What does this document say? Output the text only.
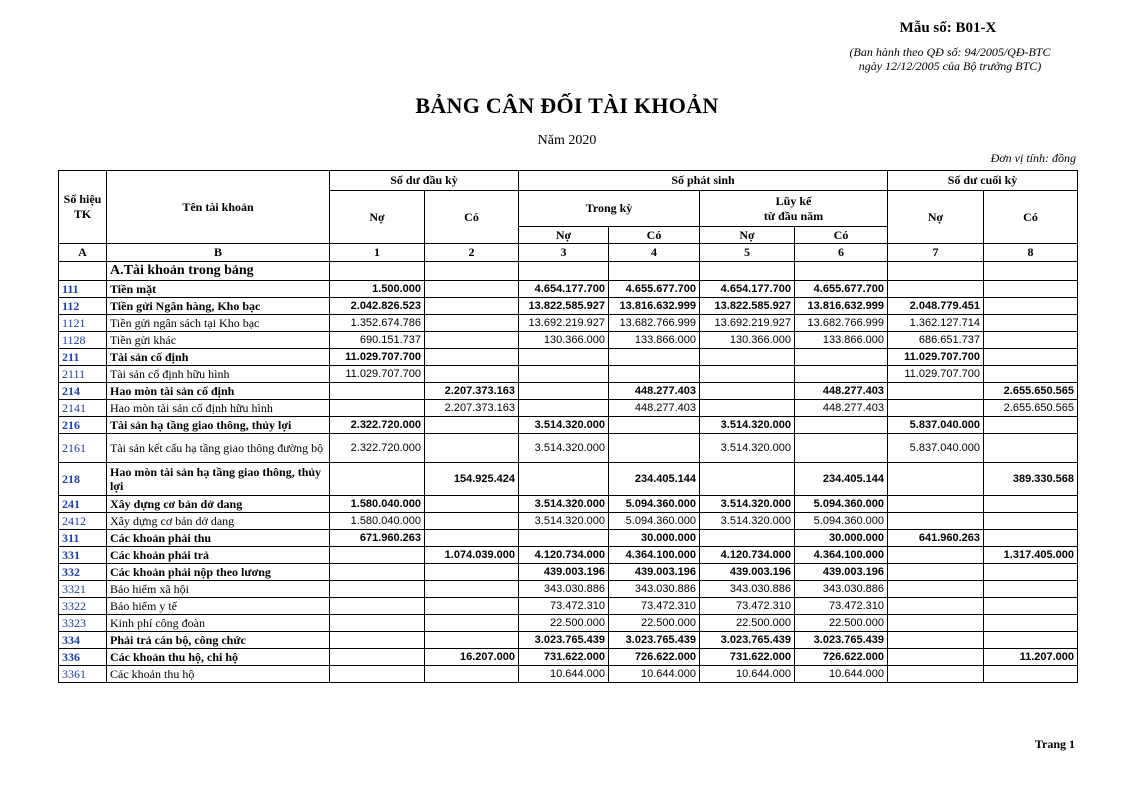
Mẫu số: B01-X
(Ban hành theo QĐ số: 94/2005/QĐ-BTC
ngày 12/12/2005 của Bộ trưởng BTC)
BẢNG CÂN ĐỐI TÀI KHOẢN
Năm 2020
Đơn vị tính: đồng
Số hiệu TK	Tên tài khoản	Số dư đầu kỳ		Số phát sinh				Số dư cuối kỳ	
		Nợ	Có	Trong kỳ		Lũy kế
từ đầu năm		Nợ	Có
				Nợ	Có	Nợ	Có		
A	B	1	2	3	4	5	6	7	8
	A.Tài khoản trong bảng								
111	Tiền mặt	1.500.000		4.654.177.700	4.655.677.700	4.654.177.700	4.655.677.700		
112	Tiền gửi Ngân hàng, Kho bạc	2.042.826.523		13.822.585.927	13.816.632.999	13.822.585.927	13.816.632.999	2.048.779.451	
1121	Tiền gửi ngân sách tại Kho bạc	1.352.674.786		13.692.219.927	13.682.766.999	13.692.219.927	13.682.766.999	1.362.127.714	
1128	Tiền gửi khác	690.151.737		130.366.000	133.866.000	130.366.000	133.866.000	686.651.737	
211	Tài sản cố định	11.029.707.700						11.029.707.700	
2111	Tài sản cố định hữu hình	11.029.707.700						11.029.707.700	
214	Hao mòn tài sản cố định		2.207.373.163		448.277.403		448.277.403		2.655.650.565
2141	Hao mòn tài sản cố định hữu hình		2.207.373.163		448.277.403		448.277.403		2.655.650.565
216	Tài sản hạ tầng giao thông, thủy lợi	2.322.720.000		3.514.320.000		3.514.320.000		5.837.040.000	
2161	Tài sản kết cấu hạ tầng giao thông đường bộ	2.322.720.000		3.514.320.000		3.514.320.000		5.837.040.000	
218	Hao mòn tài sản hạ tầng giao thông, thủy lợi		154.925.424		234.405.144		234.405.144		389.330.568
241	Xây dựng cơ bản dở dang	1.580.040.000		3.514.320.000	5.094.360.000	3.514.320.000	5.094.360.000		
2412	Xây dựng cơ bản dở dang	1.580.040.000		3.514.320.000	5.094.360.000	3.514.320.000	5.094.360.000		
311	Các khoản phải thu	671.960.263			30.000.000		30.000.000	641.960.263	
331	Các khoản phải trả		1.074.039.000	4.120.734.000	4.364.100.000	4.120.734.000	4.364.100.000		1.317.405.000
332	Các khoản phải nộp theo lương			439.003.196	439.003.196	439.003.196	439.003.196		
3321	Bảo hiểm xã hội			343.030.886	343.030.886	343.030.886	343.030.886		
3322	Bảo hiểm y tế			73.472.310	73.472.310	73.472.310	73.472.310		
3323	Kinh phí công đoàn			22.500.000	22.500.000	22.500.000	22.500.000		
334	Phải trả cán bộ, công chức			3.023.765.439	3.023.765.439	3.023.765.439	3.023.765.439		
336	Các khoản thu hộ, chi hộ		16.207.000	731.622.000	726.622.000	731.622.000	726.622.000		11.207.000
3361	Các khoản thu hộ			10.644.000	10.644.000	10.644.000	10.644.000		
Trang 1
